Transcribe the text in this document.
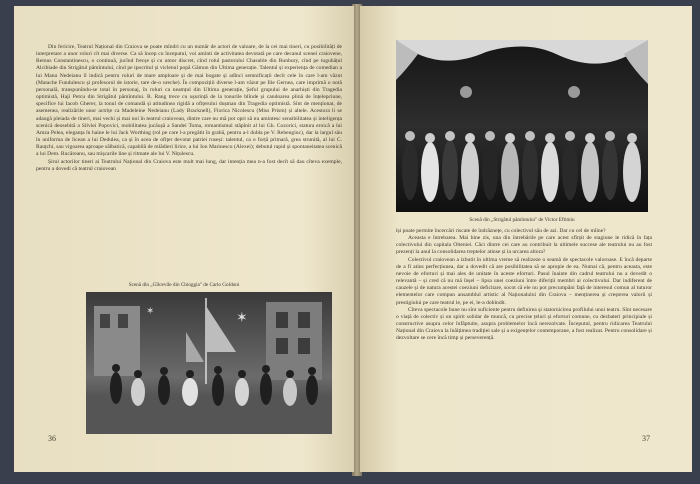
Din fericire, Teatrul Național din Craiova se poate mîndri cu un număr de actori de valoare, de la cei mai tineri, cu posibilități de interpretare a unor roluri cît mai diverse. Ca să încep cu începutul, voi aminti de activitatea devotată pe care decanul scenei craiovene, Remus Constantinescu, o continuă, jucînd frecșe și cu umor discret, cînd rolul pastorului Chasuble din Bunbury, cînd pe tugubățul Alcibiade din Strigătul pămîntului, cînd pe ipocritul și viclenul popă Gămun din Ultima generație. Talentul și experiența de comedian a lui Manu Nedeianu îl indică pentru roluri de mare amploare și de mai bogate și adînci semnificații decît cele în care l-am văzut (Matache Fundulescu și profesorul de istorie, tare de-o ureche). În compozițiii diverse l-am văzut pe Ilie Gernea, care imprimă o notă personală, transpunîndu-se total în personaj, în roluri ca neamțul din Ultima generație, Șeful grupului de anarhiști din Tragedia optimistă, Haji Petcu din Strigătul pămîntului. R. Rang trece cu ușurință de la tonurile blînde și candoarea plină de înțelepciune, specifice lui Iacob Gherer, la tonul de comandă și atitudinea rigidă a ofițerului dușman din Tragedia optimistă. Sînt de menționat, de asemenea, realizările unor actrițe ca Madeleine Nedeianu (Lady Bracknell), Florica Nicolescu (Miss Prism) și altele. Acestora li se adaugă pleiada de tineri, mai vechi și mai noi în teatrul craiovean, dintre care nu mă pot opri să nu amintesc sensibilitatea și inteligența scenică deosebită a Silviei Popovici, mobilitatea jucăușă a Sandei Toma, romantismul stăpînit al lui Gh. Cozorici, statura eroică a lui Amza Pelea, eleganța în haine le lui Jack Worthing (rol pe care l-a pregătit în grabă, pentru a-l dubla pe V. Rebengiuc), dar la largul său în uniforma de licean a lui Dedulea, ca și în acea de ofițer devotat patriei ruseși: talentul, ca o forță primară, grea strunită, al lui C. Rauțchi, sau vigoarea aproape sălbatică, capabilă de mlădieri lirice, a lui Ion Marinescu (Alexei); debutul rapid și spontaneitatea scenică a lui Dem. Rucăreanu, sau mișcarile line și ritmate ale lui V. Nițulescu.

Șirul actorilor tineri ai Teatrului Național din Craiova este mult mai lung, dar intenția mea n-a fost decît să dau cîteva exemple, pentru a dovedi că teatrul craiovean

Scenă din „Gîlcevile din Chioggia" de Carlo Goldoni
✶
✶
36
Scenă din „Strigătul pămîntului" de Victor Eftimiu

își poate permite încercări riscate de îndrăznețe, cu colectivul său de azi. Dar cu cel de mîine?

Aceasta e întrebarea. Mai bine zis, una din întrebările pe care acest sfîrșit de stagiune le ridică în fața colectivului din capitala Olteniei. Căci dintre cei care au contribuit la ultimele succese ale teatrului nu au fost prezenți la anul la consolidarea treptelor atinse și la urcarea altora?

Colectivul craiovean a izbutit în ultima vreme să realizeze o seamă de spectacole valoroase. E încă departe de a fi atins perfecțiunea, dar a dovedit că are posibilitatea să se apropie de ea. Numai că, pentru aceasta, este nevoie de eforturi și mai ales de unitate în aceste eforturi. Pasul înainte din cadrul teatrului nu a dovedit o relevantă – și cred că nu mă înșel – lipsa unei coeziuni între diferiții membri ai colectivului. Dar indiferent de cauzele și de natura acestei coeziuni deficitare, socot că ele nu pot precumpăni față de interesul comun al tuturor elementelor care compun ansamblul artistic al Naționalului din Craiova – menținerea și creșterea valorii și prestigiului pe care teatrul le, pe ei, le-a dobîndit.

Cîteva spectacole bune nu sînt suficiente pentru definirea și statornicirea profilului unui teatru. Sînt necesare o viață de colectiv și un spirit solidar de muncă, cu precise țeluri și eforturi comune, cu dezbateri principiale și constructive asupra celor înfăptuite, asupra problemelor încă nerezolvate. Începutul, pentru ridicarea Teatrului Național din Craiova la înălțimea tradiției sale și a exigențelor contemporane, a fost realizat. Pentru consolidare și dezvoltare se cere încă timp și perseverență.

37
